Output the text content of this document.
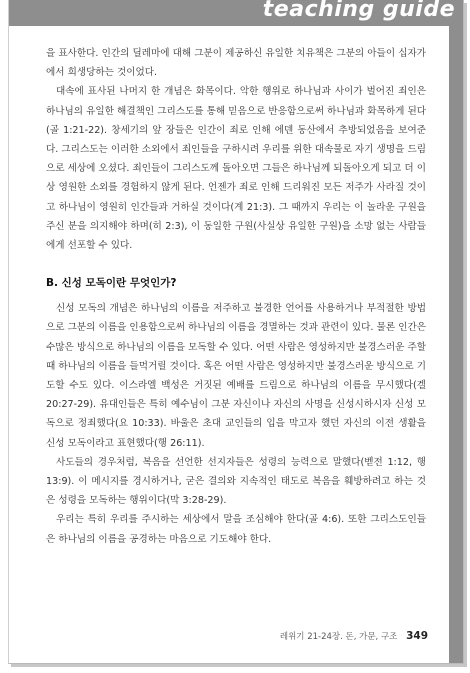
teaching guide

을 표사한다. 인간의 딜레마에 대해 그분이 제공하신 유일한 치유책은 그분의 아들이 십자가에서 희생당하는 것이었다.

대속에 표사된 나머지 한 개념은 화목이다. 악한 행위로 하나님과 사이가 벌어진 죄인은 하나님의 유일한 해결책인 그리스도를 통해 믿음으로 반응함으로써 하나님과 화목하게 된다(골 1:21-22). 창세기의 앞 장들은 인간이 죄로 인해 에덴 동산에서 추방되었음을 보여준다. 그리스도는 이러한 소외에서 죄인들을 구하시려 우리를 위한 대속물로 자기 생명을 드림으로 세상에 오셨다. 죄인들이 그리스도께 돌아오면 그들은 하나님께 되돌아오게 되고 더 이상 영원한 소외를 경험하지 않게 된다. 언젠가 죄로 인해 드리워진 모든 저주가 사라질 것이고 하나님이 영원히 인간들과 거하실 것이다(계 21:3). 그 때까지 우리는 이 놀라운 구원을 주신 분을 의지해야 하며(히 2:3), 이 동일한 구원(사실상 유일한 구원)을 소망 없는 사람들에게 선포할 수 있다.

B. 신성 모독이란 무엇인가?

신성 모독의 개념은 하나님의 이름을 저주하고 불경한 언어를 사용하거나 부적절한 방법으로 그분의 이름을 인용함으로써 하나님의 이름을 경멸하는 것과 관련이 있다. 물론 인간은 수많은 방식으로 하나님의 이름을 모독할 수 있다. 어떤 사람은 영성하지만 불경스러운 주할 때 하나님의 이름을 들먹거릴 것이다. 혹은 어떤 사람은 영성하지만 불경스러운 방식으로 기도할 수도 있다. 이스라엘 백성은 거짓된 예배를 드림으로 하나님의 이름을 무시했다(겔 20:27-29). 유대인들은 특히 예수님이 그분 자신이나 자신의 사명을 신성시하시자 신성 모독으로 정죄했다(요 10:33). 바울은 초대 교인들의 입을 막고자 했던 자신의 이전 생활을 신성 모독이라고 표현했다(행 26:11).

사도들의 경우처럼, 복음을 선언한 선지자들은 성령의 능력으로 말했다(벧전 1:12, 행 13:9). 이 메시지를 경시하거나, 굳은 결의와 지속적인 태도로 복음을 훼방하려고 하는 것은 성령을 모독하는 행위이다(막 3:28-29).

우리는 특히 우리를 주시하는 세상에서 말을 조심해야 한다(골 4:6). 또한 그리스도인들은 하나님의 이름을 공경하는 마음으로 기도해야 한다.

레위기 21-24장. 돈, 가문, 구조 349
